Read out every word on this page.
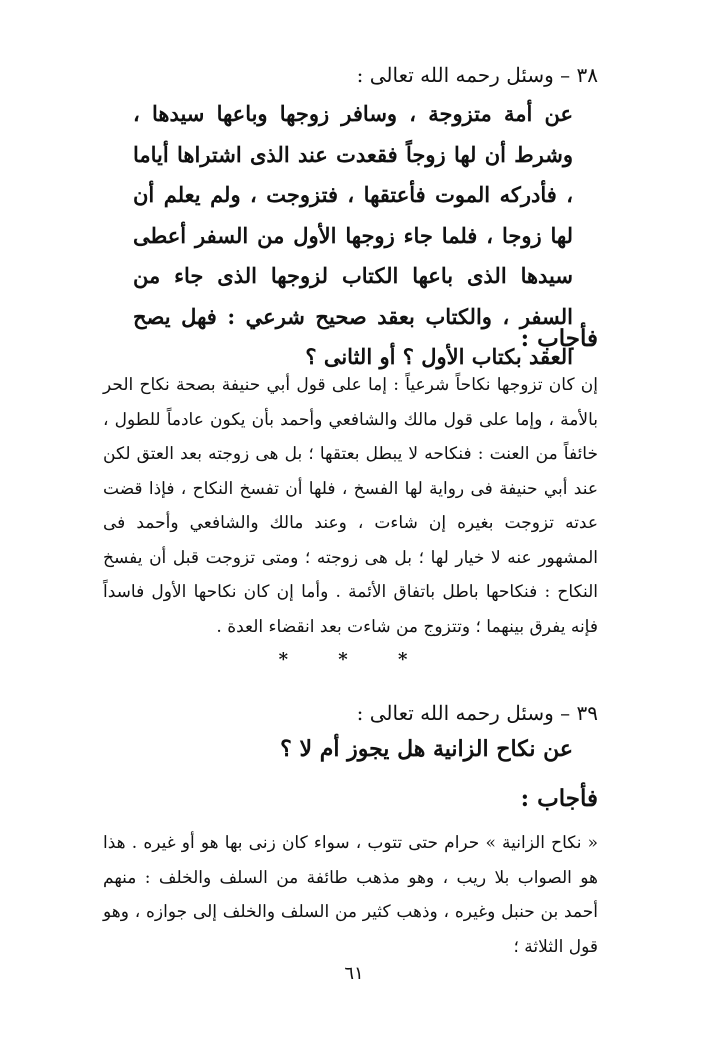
٣٨ – وسئل رحمه الله تعالى :
عن أمة متزوجة ، وسافر زوجها وباعها سيدها ، وشرط أن لها زوجاً فقعدت عند الذى اشتراها أياما ، فأدركه الموت فأعتقها ، فتزوجت ، ولم يعلم أن لها زوجا ، فلما جاء زوجها الأول من السفر أعطى سيدها الذى باعها الكتاب لزوجها الذى جاء من السفر ، والكتاب بعقد صحيح شرعي : فهل يصح العقد بكتاب الأول ؟ أو الثانى ؟
فأجاب :
إن كان تزوجها نكاحاً شرعياً : إما على قول أبي حنيفة بصحة نكاح الحر بالأمة ، وإما على قول مالك والشافعي وأحمد بأن يكون عادماً للطول ، خائفاً من العنت : فنكاحه لا يبطل بعتقها ؛ بل هى زوجته بعد العتق لكن عند أبي حنيفة فى رواية لها الفسخ ، فلها أن تفسخ النكاح ، فإذا قضت عدته تزوجت بغيره إن شاءت ، وعند مالك والشافعي وأحمد فى المشهور عنه لا خيار لها ؛ بل هى زوجته ؛ ومتى تزوجت قبل أن يفسخ النكاح : فنكاحها باطل باتفاق الأئمة . وأما إن كان نكاحها الأول فاسداً فإنه يفرق بينهما ؛ وتتزوج من شاءت بعد انقضاء العدة .
* * *
٣٩ – وسئل رحمه الله تعالى :
عن نكاح الزانية هل يجوز أم لا ؟
فأجاب :
« نكاح الزانية » حرام حتى تتوب ، سواء كان زنى بها هو أو غيره . هذا هو الصواب بلا ريب ، وهو مذهب طائفة من السلف والخلف : منهم أحمد بن حنبل وغيره ، وذهب كثير من السلف والخلف إلى جوازه ، وهو قول الثلاثة ؛
٦١
